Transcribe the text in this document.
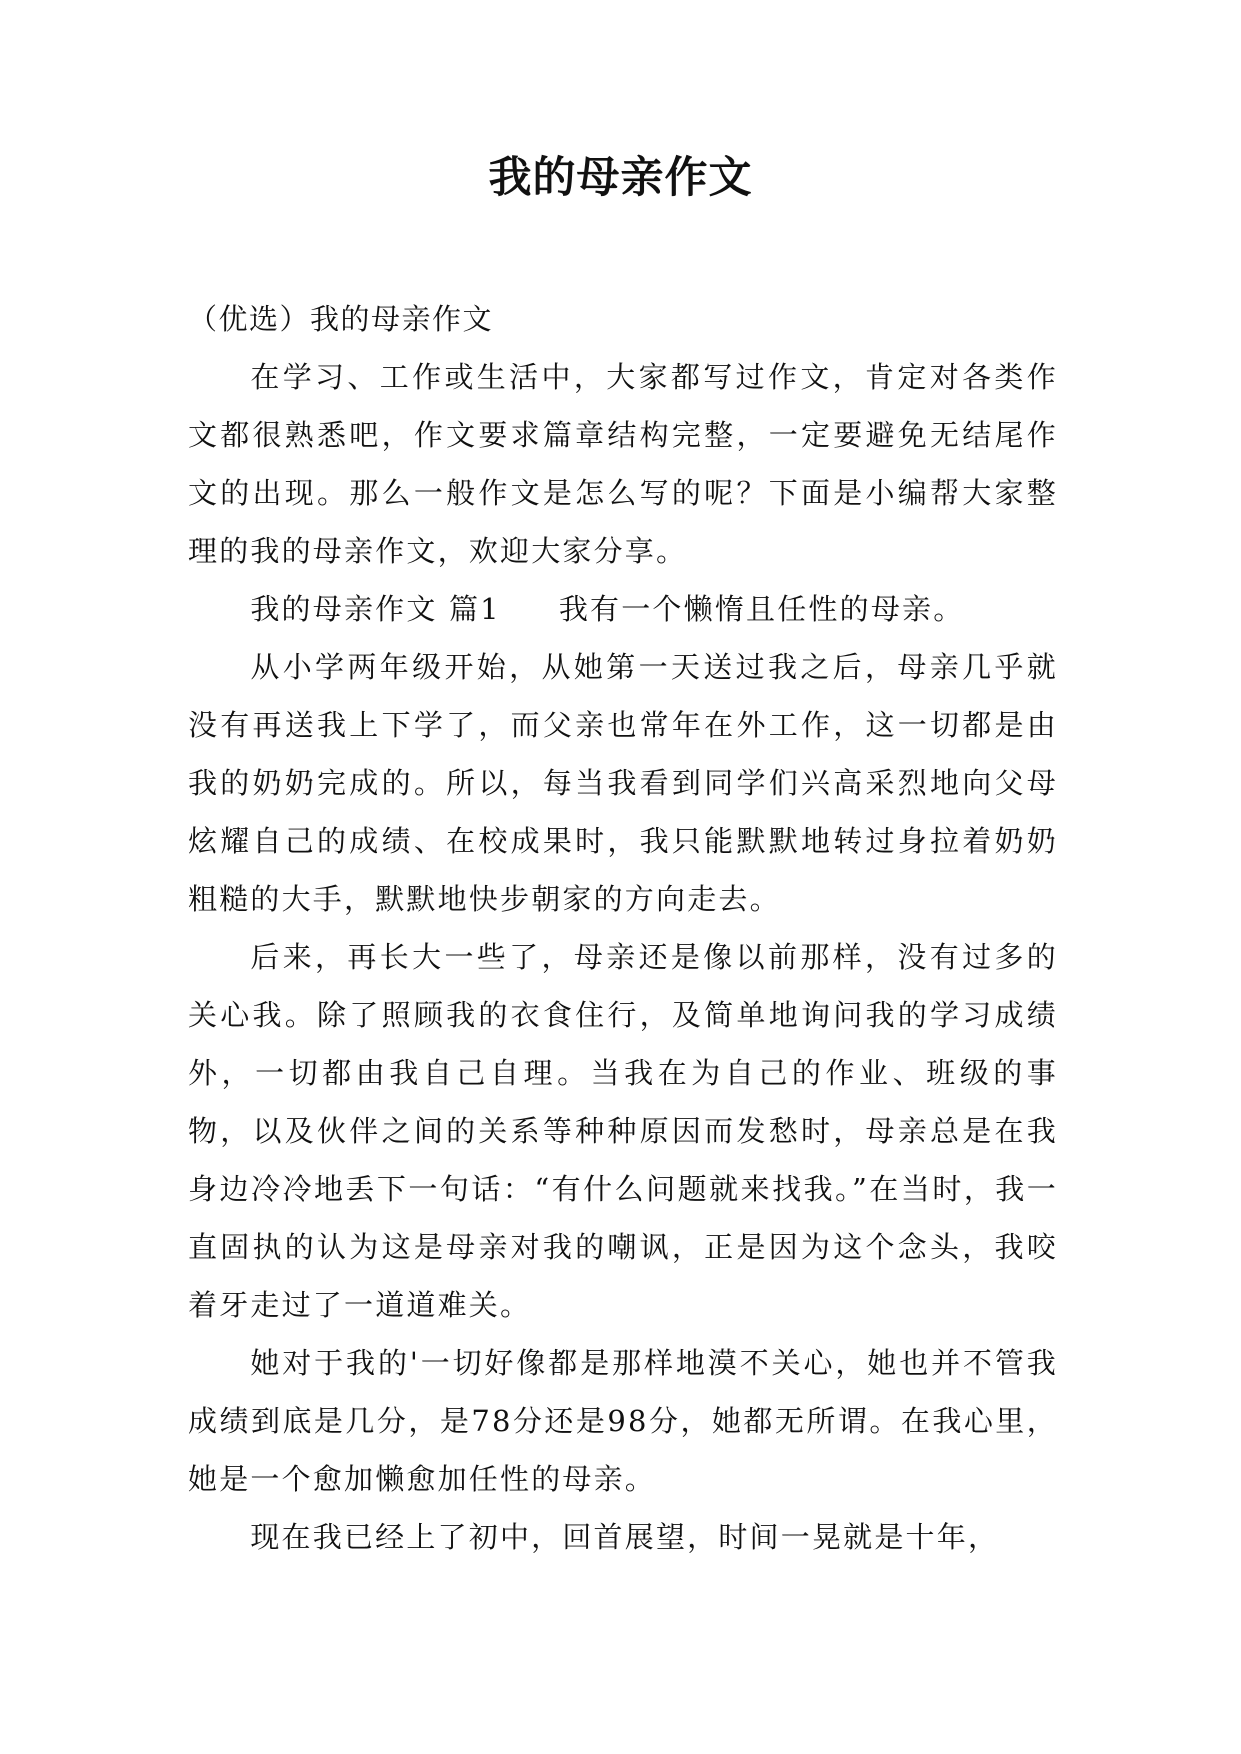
我的母亲作文

（优选）我的母亲作文

在学习、工作或生活中，大家都写过作文，肯定对各类作文都很熟悉吧，作文要求篇章结构完整，一定要避免无结尾作文的出现。那么一般作文是怎么写的呢？下面是小编帮大家整理的我的母亲作文，欢迎大家分享。

我的母亲作文 篇1 我有一个懒惰且任性的母亲。

从小学两年级开始，从她第一天送过我之后，母亲几乎就没有再送我上下学了，而父亲也常年在外工作，这一切都是由我的奶奶完成的。所以，每当我看到同学们兴高采烈地向父母炫耀自己的成绩、在校成果时，我只能默默地转过身拉着奶奶粗糙的大手，默默地快步朝家的方向走去。

后来，再长大一些了，母亲还是像以前那样，没有过多的关心我。除了照顾我的衣食住行，及简单地询问我的学习成绩外，一切都由我自己自理。当我在为自己的作业、班级的事物，以及伙伴之间的关系等种种原因而发愁时，母亲总是在我身边冷冷地丢下一句话：“有什么问题就来找我。”在当时，我一直固执的认为这是母亲对我的嘲讽，正是因为这个念头，我咬着牙走过了一道道难关。

她对于我的'一切好像都是那样地漠不关心，她也并不管我成绩到底是几分，是78分还是98分，她都无所谓。在我心里，她是一个愈加懒愈加任性的母亲。

现在我已经上了初中，回首展望，时间一晃就是十年，
